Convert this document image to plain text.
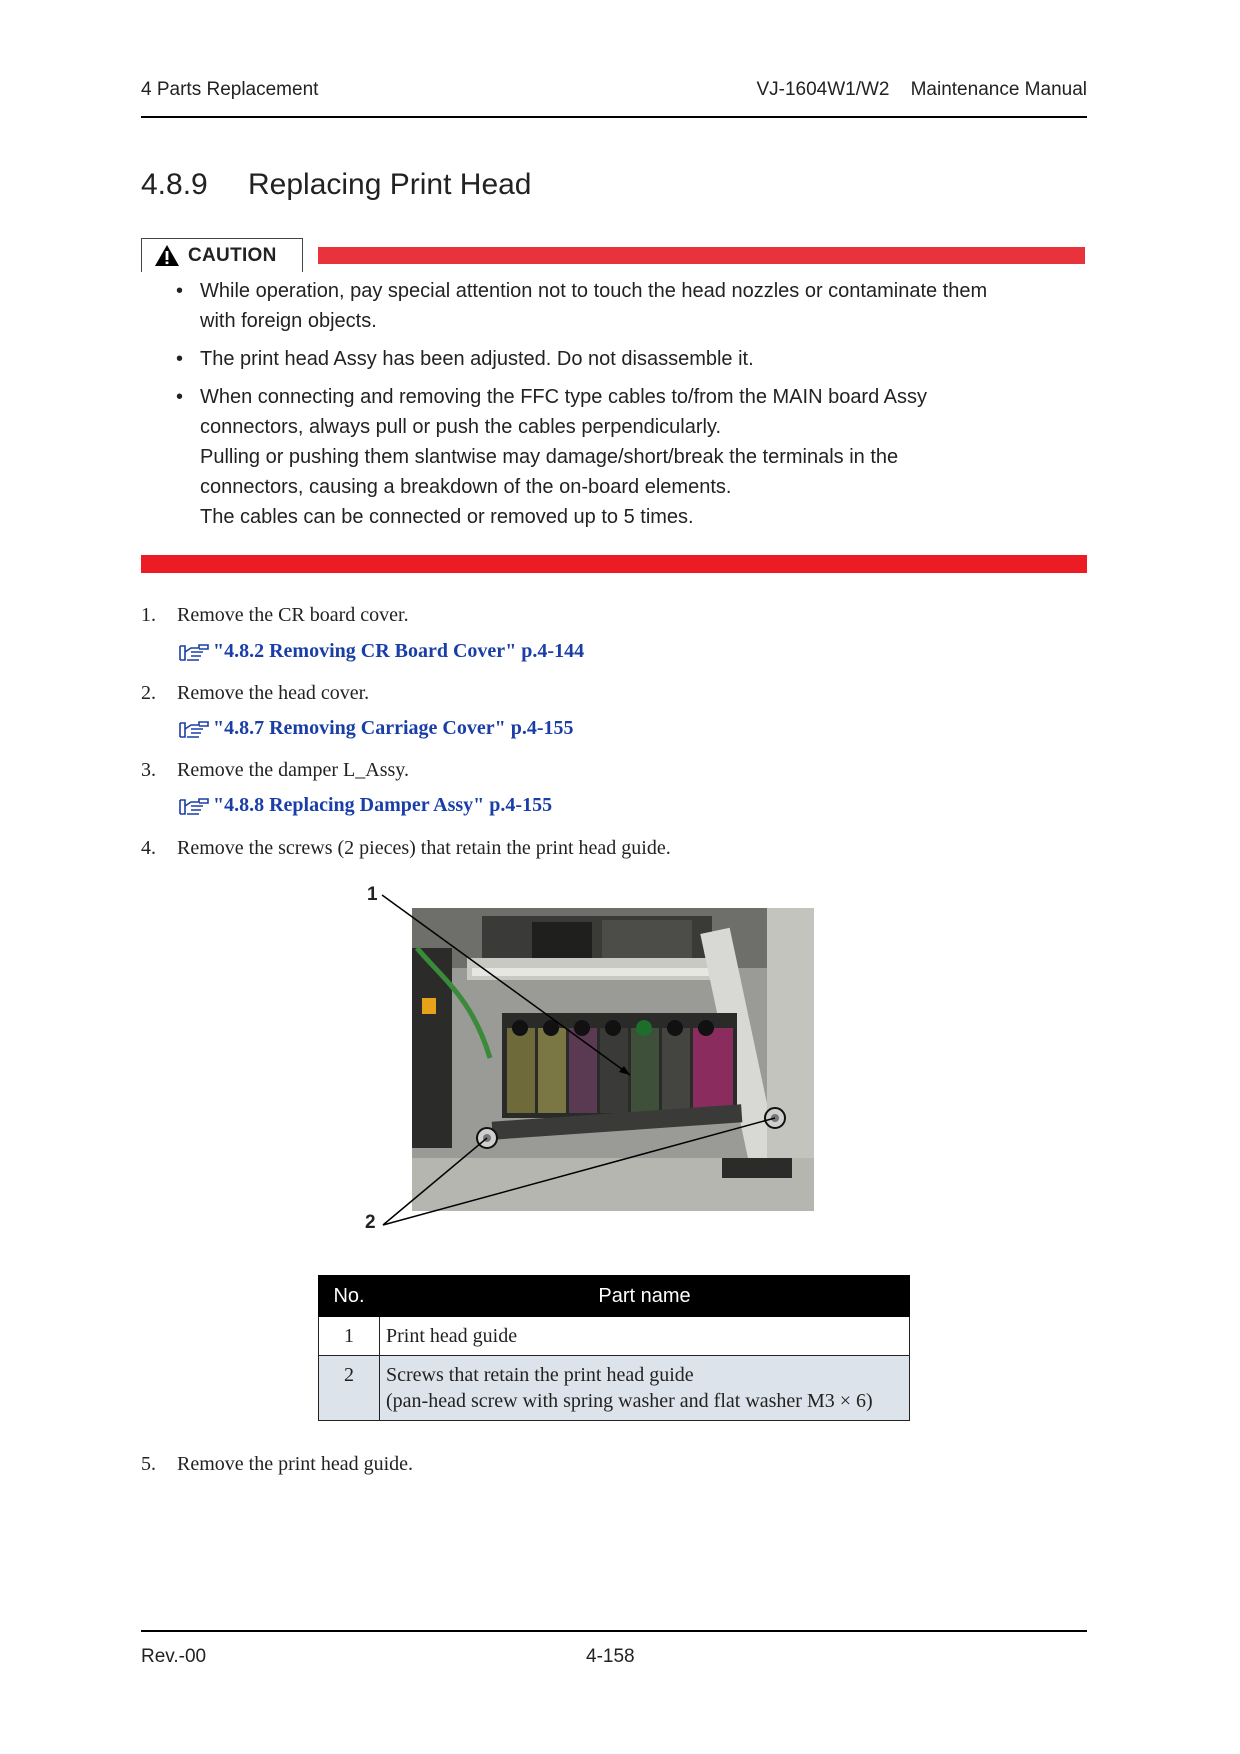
4 Parts Replacement	VJ-1604W1/W2    Maintenance Manual
4.8.9 Replacing Print Head
CAUTION
• While operation, pay special attention not to touch the head nozzles or contaminate them
with foreign objects.
• The print head Assy has been adjusted. Do not disassemble it.
• When connecting and removing the FFC type cables to/from the MAIN board Assy
connectors, always pull or push the cables perpendicularly.
Pulling or pushing them slantwise may damage/short/break the terminals in the
connectors, causing a breakdown of the on-board elements.
The cables can be connected or removed up to 5 times.
1. Remove the CR board cover.
"4.8.2 Removing CR Board Cover" p.4-144
2. Remove the head cover.
"4.8.7 Removing Carriage Cover" p.4-155
3. Remove the damper L_Assy.
"4.8.8 Replacing Damper Assy" p.4-155
4. Remove the screws (2 pieces) that retain the print head guide.
1
2
No.	Part name
1	Print head guide
2	Screws that retain the print head guide
(pan-head screw with spring washer and flat washer M3 × 6)
5. Remove the print head guide.
Rev.-00	4-158
